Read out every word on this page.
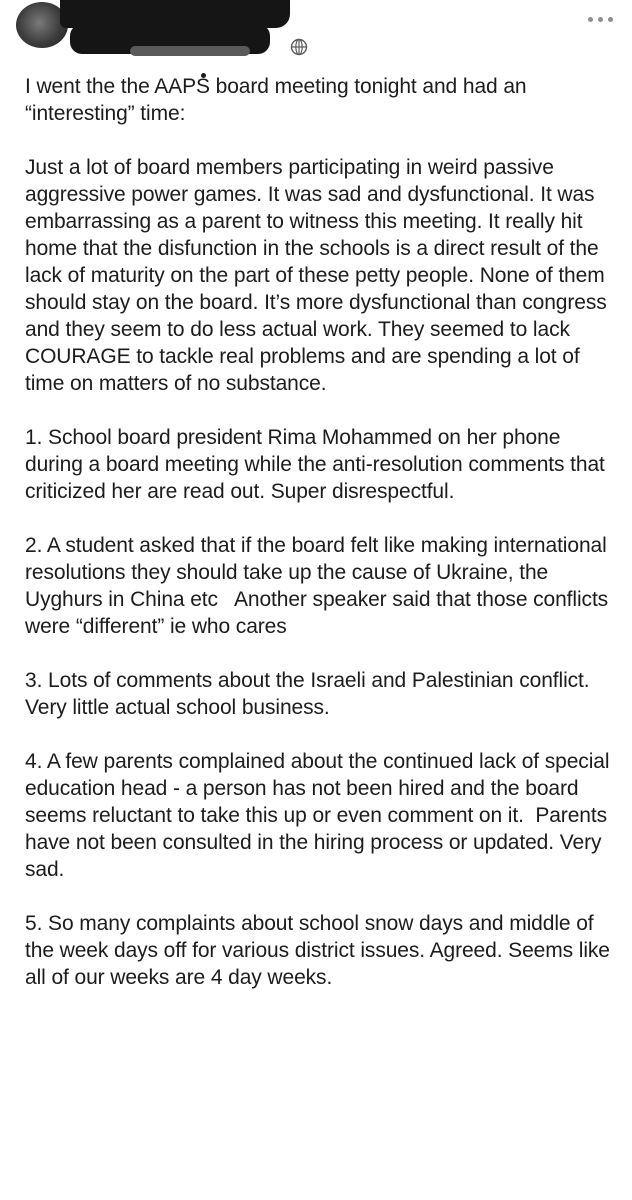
I went the the AAPS board meeting tonight and had an “interesting” time:

Just a lot of board members participating in weird passive aggressive power games. It was sad and dysfunctional. It was embarrassing as a parent to witness this meeting. It really hit home that the disfunction in the schools is a direct result of the lack of maturity on the part of these petty people. None of them should stay on the board. It’s more dysfunctional than congress and they seem to do less actual work. They seemed to lack COURAGE to tackle real problems and are spending a lot of time on matters of no substance.

1. School board president Rima Mohammed on her phone during a board meeting while the anti-resolution comments that criticized her are read out. Super disrespectful.

2. A student asked that if the board felt like making international resolutions they should take up the cause of Ukraine, the Uyghurs in China etc   Another speaker said that those conflicts were “different” ie who cares

3. Lots of comments about the Israeli and Palestinian conflict. Very little actual school business.

4. A few parents complained about the continued lack of special education head - a person has not been hired and the board seems reluctant to take this up or even comment on it.  Parents have not been consulted in the hiring process or updated. Very sad.

5. So many complaints about school snow days and middle of the week days off for various district issues. Agreed. Seems like all of our weeks are 4 day weeks.
